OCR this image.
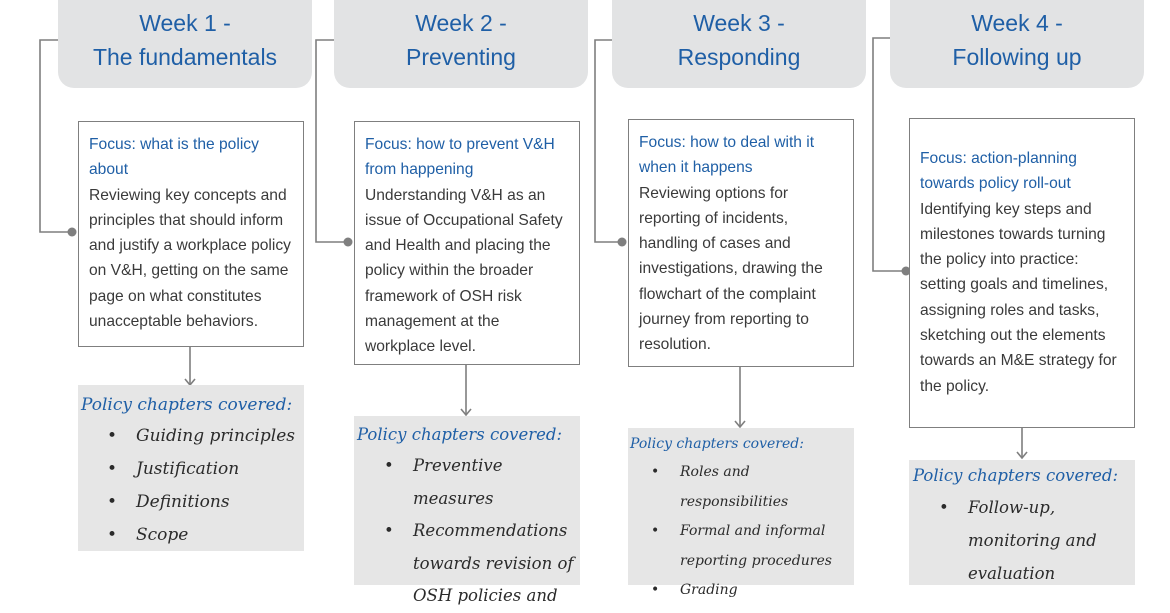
Week 1 -
The fundamentals
Focus: what is the policy about
Reviewing key concepts and principles that should inform and justify a workplace policy on V&H, getting on the same page on what constitutes unacceptable behaviors.
Policy chapters covered:
• Guiding principles
• Justification
• Definitions
• Scope
Week 2 -
Preventing
Focus: how to prevent V&H from happening
Understanding V&H as an issue of Occupational Safety and Health and placing the policy within the broader framework of OSH risk management at the workplace level.
Policy chapters covered:
• Preventive measures
• Recommendations towards revision of OSH policies and
Week 3 -
Responding
Focus: how to deal with it when it happens
Reviewing options for reporting of incidents, handling of cases and investigations, drawing the flowchart of the complaint journey from reporting to resolution.
Policy chapters covered:
• Roles and responsibilities
• Formal and informal reporting procedures
• Grading
Week 4 -
Following up
Focus: action-planning towards policy roll-out
Identifying key steps and milestones towards turning the policy into practice: setting goals and timelines, assigning roles and tasks, sketching out the elements towards an M&E strategy for the policy.
Policy chapters covered:
• Follow-up, monitoring and evaluation
